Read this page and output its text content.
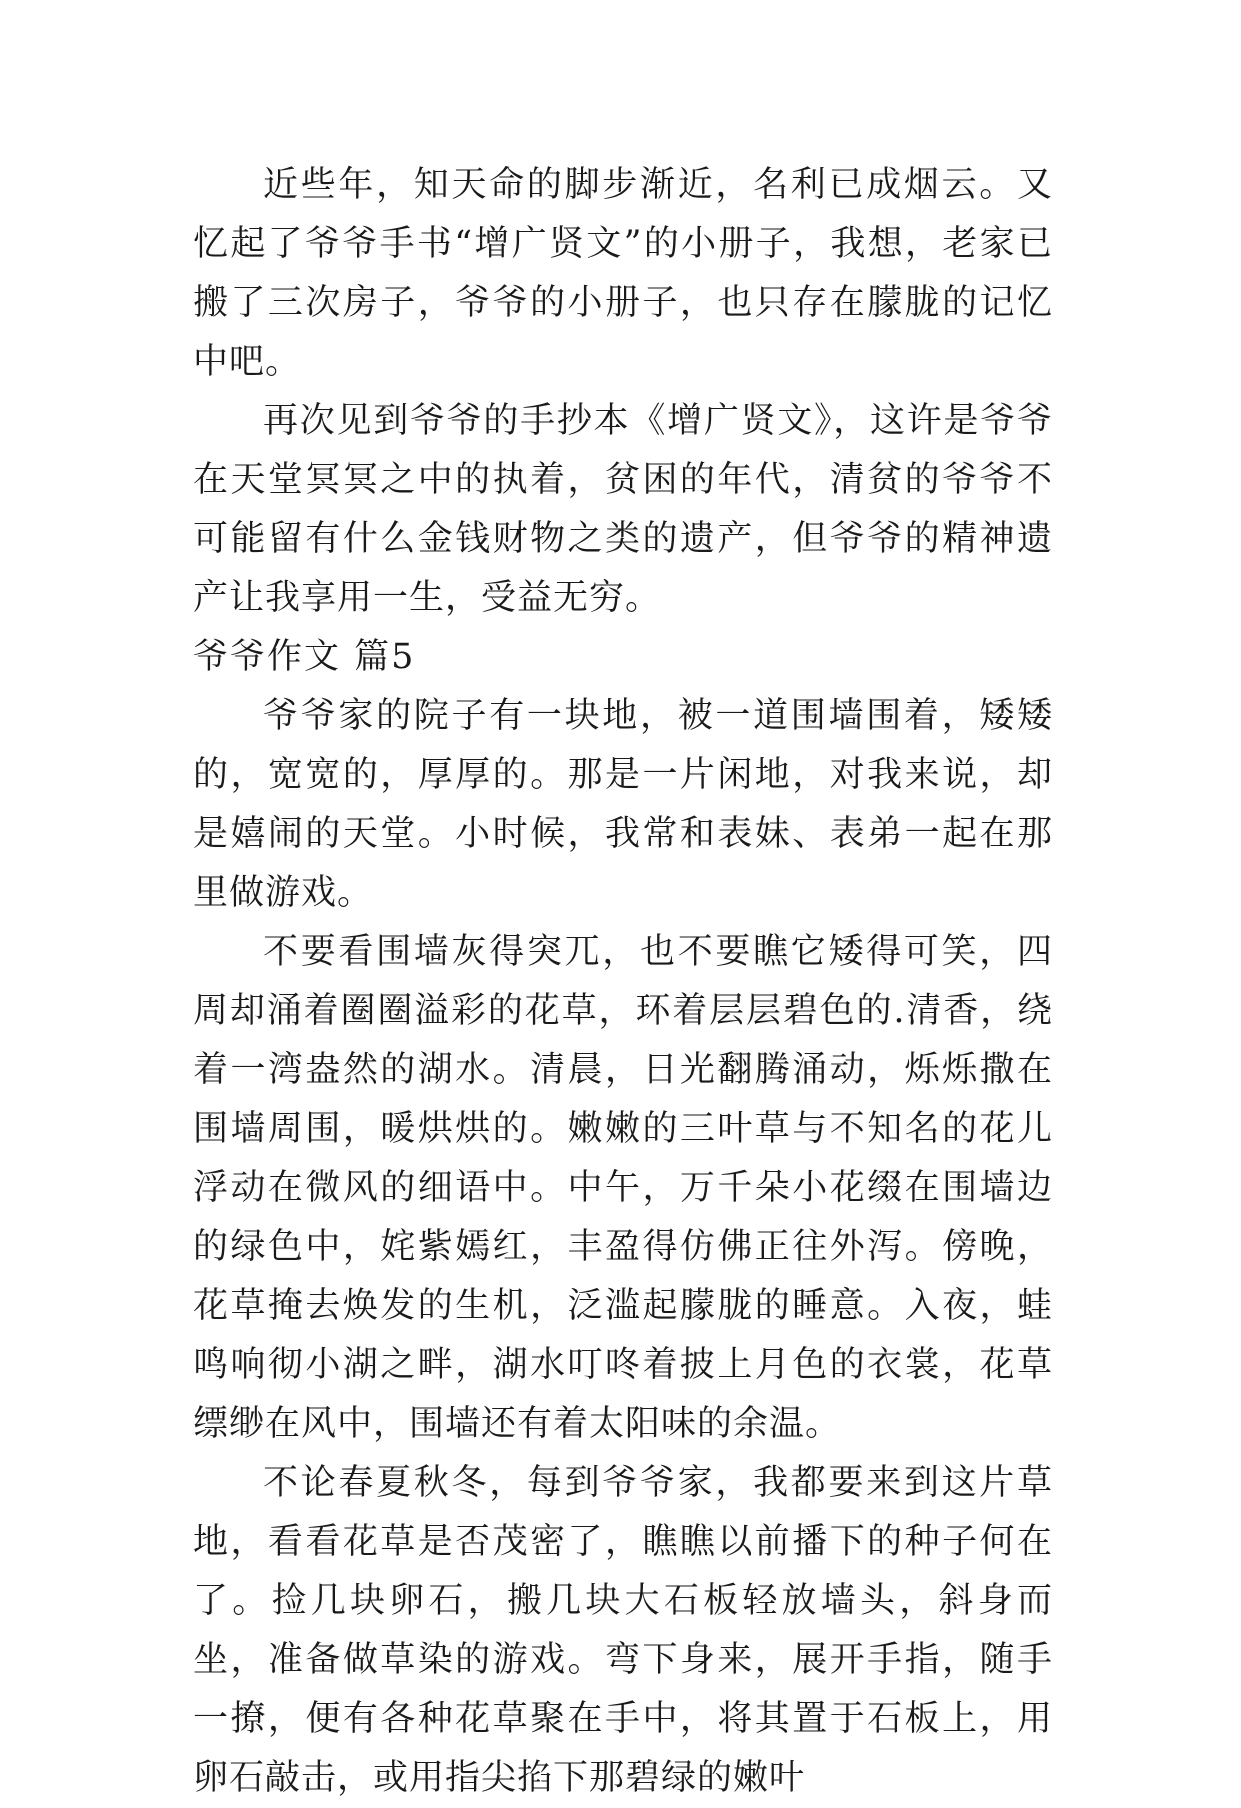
近些年，知天命的脚步渐近，名利已成烟云。又忆起了爷爷手书“增广贤文”的小册子，我想，老家已搬了三次房子，爷爷的小册子，也只存在朦胧的记忆中吧。

再次见到爷爷的手抄本《增广贤文》，这许是爷爷在天堂冥冥之中的执着，贫困的年代，清贫的爷爷不可能留有什么金钱财物之类的遗产，但爷爷的精神遗产让我享用一生，受益无穷。

爷爷作文 篇5

爷爷家的院子有一块地，被一道围墙围着，矮矮的，宽宽的，厚厚的。那是一片闲地，对我来说，却是嬉闹的天堂。小时候，我常和表妹、表弟一起在那里做游戏。

不要看围墙灰得突兀，也不要瞧它矮得可笑，四周却涌着圈圈溢彩的花草，环着层层碧色的.清香，绕着一湾盎然的湖水。清晨，日光翻腾涌动，烁烁撒在围墙周围，暖烘烘的。嫩嫩的三叶草与不知名的花儿浮动在微风的细语中。中午，万千朵小花缀在围墙边的绿色中，姹紫嫣红，丰盈得仿佛正往外泻。傍晚，花草掩去焕发的生机，泛滥起朦胧的睡意。入夜，蛙鸣响彻小湖之畔，湖水叮咚着披上月色的衣裳，花草缥缈在风中，围墙还有着太阳味的余温。

不论春夏秋冬，每到爷爷家，我都要来到这片草地，看看花草是否茂密了，瞧瞧以前播下的种子何在了。捡几块卵石，搬几块大石板轻放墙头，斜身而坐，准备做草染的游戏。弯下身来，展开手指，随手一撩，便有各种花草聚在手中，将其置于石板上，用卵石敲击，或用指尖掐下那碧绿的嫩叶
